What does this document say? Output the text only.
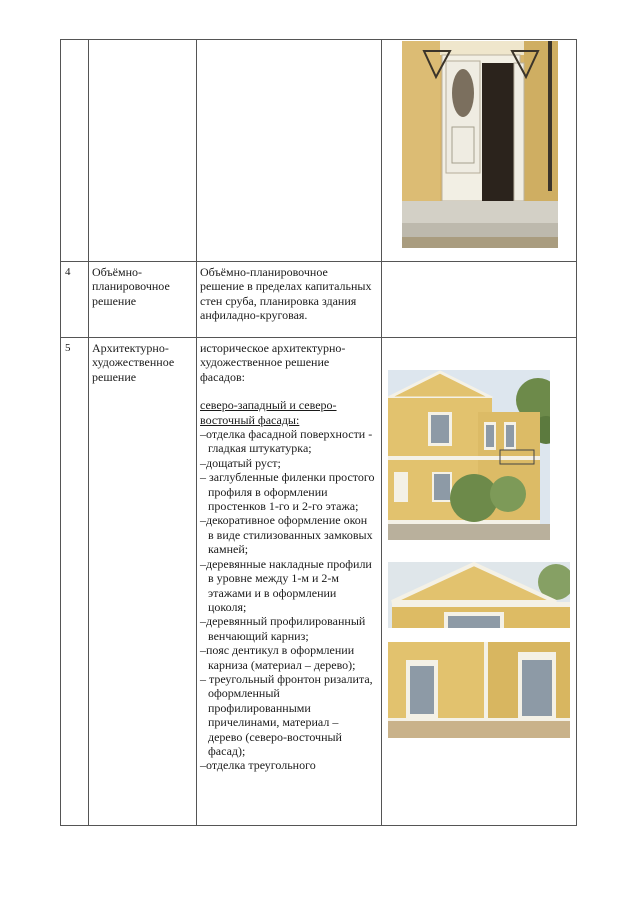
4 Объёмно-планировочное решение
Объёмно-планировочное решение в пределах капитальных стен сруба, планировка здания анфиладно-круговая.
5 Архитектурно-художественное решение
историческое архитектурно-художественное решение фасадов:
северо-западный и северо-восточный фасады:
– отделка фасадной поверхности - гладкая штукатурка;
– дощатый руст;
– заглубленные филенки простого профиля в оформлении простенков 1-го и 2-го этажа;
– декоративное оформление окон в виде стилизованных замковых камней;
– деревянные накладные профили в уровне между 1-м и 2-м этажами и в оформлении цоколя;
– деревянный профилированный венчающий карниз;
– пояс дентикул в оформлении карниза (материал – дерево);
– треугольный фронтон ризалита, оформленный профилированными причелинами, материал – дерево (северо-восточный фасад);
– отделка треугольного
